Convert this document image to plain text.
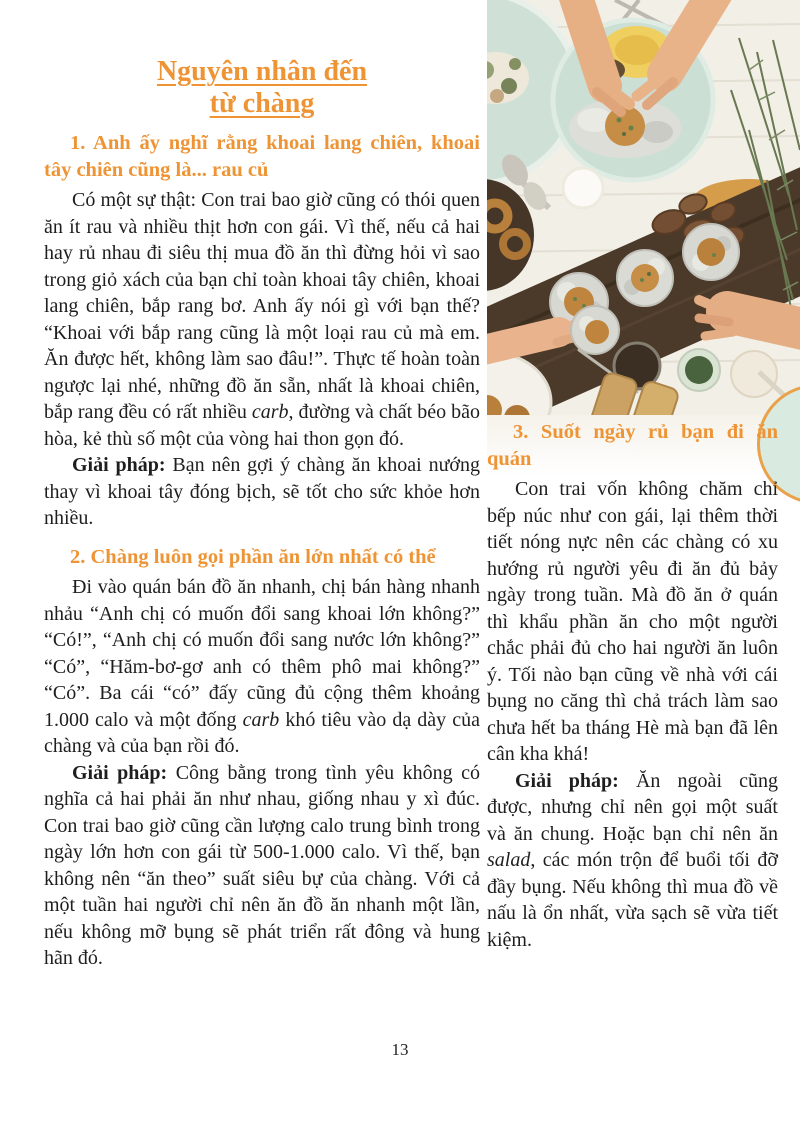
Nguyên nhân đến
từ chàng
1. Anh ấy nghĩ rằng khoai lang chiên, khoai tây chiên cũng là... rau củ

Có một sự thật: Con trai bao giờ cũng có thói quen ăn ít rau và nhiều thịt hơn con gái. Vì thế, nếu cả hai hay rủ nhau đi siêu thị mua đồ ăn thì đừng hỏi vì sao trong giỏ xách của bạn chỉ toàn khoai tây chiên, khoai lang chiên, bắp rang bơ. Anh ấy nói gì với bạn thế? “Khoai với bắp rang cũng là một loại rau củ mà em. Ăn được hết, không làm sao đâu!”. Thực tế hoàn toàn ngược lại nhé, những đồ ăn sẵn, nhất là khoai chiên, bắp rang đều có rất nhiều carb, đường và chất béo bão hòa, kẻ thù số một của vòng hai thon gọn đó.

Giải pháp: Bạn nên gợi ý chàng ăn khoai nướng thay vì khoai tây đóng bịch, sẽ tốt cho sức khỏe hơn nhiều.

2. Chàng luôn gọi phần ăn lớn nhất có thể

Đi vào quán bán đồ ăn nhanh, chị bán hàng nhanh nhảu “Anh chị có muốn đổi sang khoai lớn không?” “Có!”, “Anh chị có muốn đổi sang nước lớn không?” “Có”, “Hăm-bơ-gơ anh có thêm phô mai không?” “Có”. Ba cái “có” đấy cũng đủ cộng thêm khoảng 1.000 calo và một đống carb khó tiêu vào dạ dày của chàng và của bạn rồi đó.

Giải pháp: Công bằng trong tình yêu không có nghĩa cả hai phải ăn như nhau, giống nhau y xì đúc. Con trai bao giờ cũng cần lượng calo trung bình trong ngày lớn hơn con gái từ 500-1.000 calo. Vì thế, bạn không nên “ăn theo” suất siêu bự của chàng. Với cả một tuần hai người chỉ nên ăn đồ ăn nhanh một lần, nếu không mỡ bụng sẽ phát triển rất đông và hung hãn đó.

3. Suốt ngày rủ bạn đi ăn quán

Con trai vốn không chăm chỉ bếp núc như con gái, lại thêm thời tiết nóng nực nên các chàng có xu hướng rủ người yêu đi ăn đủ bảy ngày trong tuần. Mà đồ ăn ở quán thì khẩu phần ăn cho một người chắc phải đủ cho hai người ăn luôn ý. Tối nào bạn cũng về nhà với cái bụng no căng thì chả trách làm sao chưa hết ba tháng Hè mà bạn đã lên cân kha khá!

Giải pháp: Ăn ngoài cũng được, nhưng chỉ nên gọi một suất và ăn chung. Hoặc bạn chỉ nên ăn salad, các món trộn để buổi tối đỡ đầy bụng. Nếu không thì mua đồ về nấu là ổn nhất, vừa sạch sẽ vừa tiết kiệm.

13
